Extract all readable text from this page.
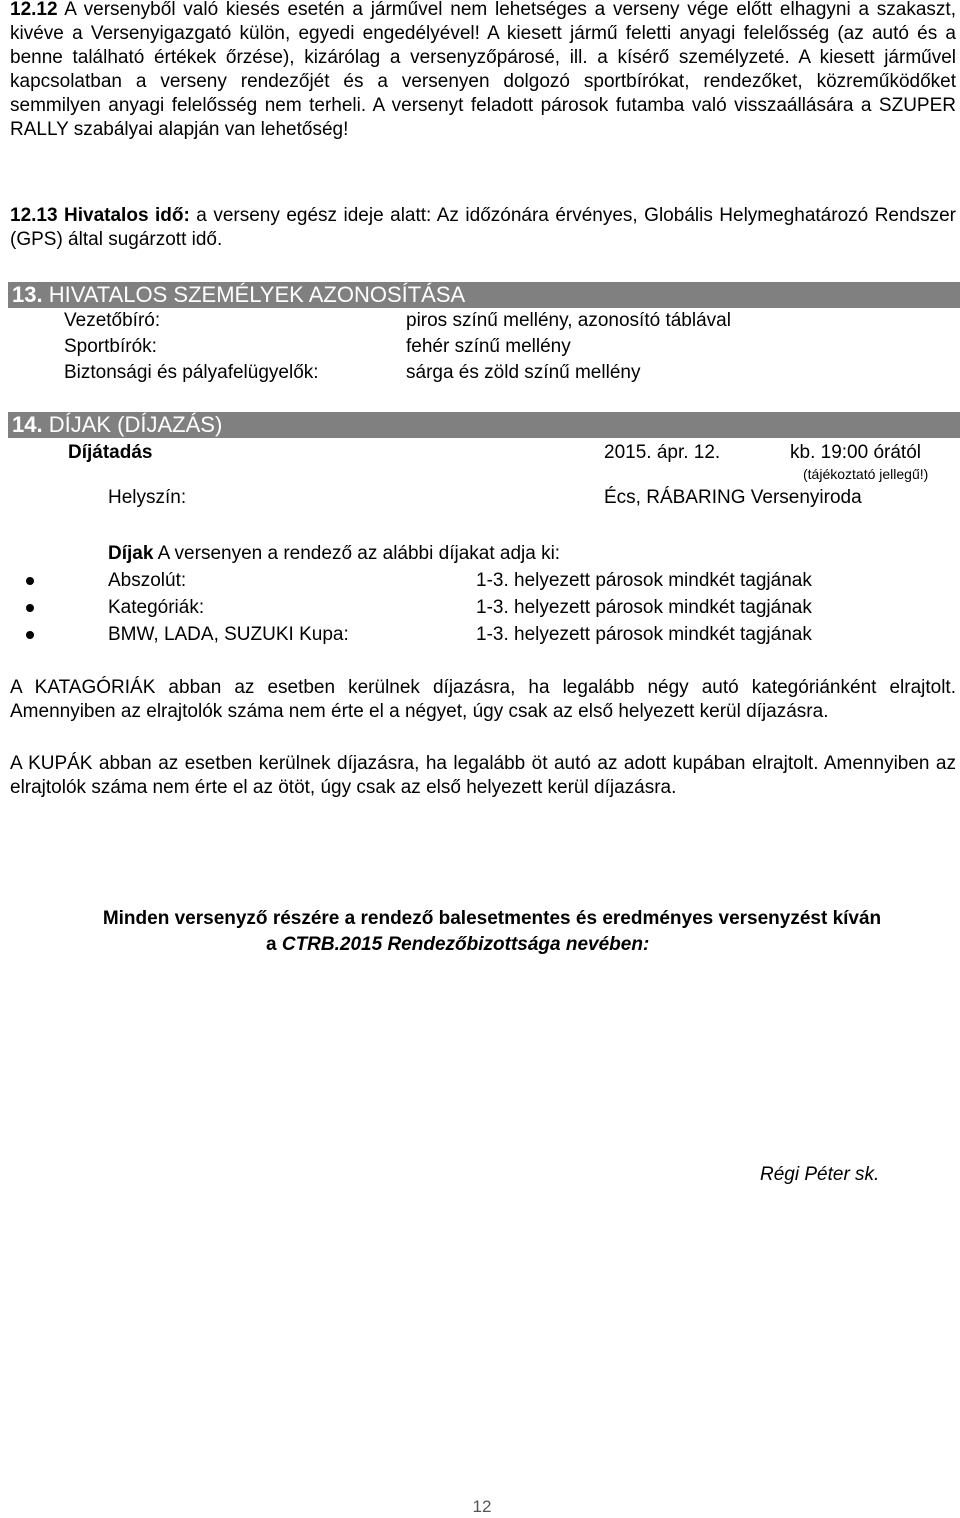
12.12 A versenyből való kiesés esetén a járművel nem lehetséges a verseny vége előtt elhagyni a szakaszt, kivéve a Versenyigazgató külön, egyedi engedélyével! A kiesett jármű feletti anyagi felelősség (az autó és a benne található értékek őrzése), kizárólag a versenyzőpárosé, ill. a kísérő személyzeté. A kiesett járművel kapcsolatban a verseny rendezőjét és a versenyen dolgozó sportbírókat, rendezőket, közreműködőket semmilyen anyagi felelősség nem terheli. A versenyt feladott párosok futamba való visszaállására a SZUPER RALLY szabályai alapján van lehetőség!
12.13 Hivatalos idő: a verseny egész ideje alatt: Az időzónára érvényes, Globális Helymeghatározó Rendszer (GPS) által sugárzott idő.
13. HIVATALOS SZEMÉLYEK AZONOSÍTÁSA
Vezetőbíró:	piros színű mellény, azonosító táblával
Sportbírók:	fehér színű mellény
Biztonsági és pályafelügyelők:	sárga és zöld színű mellény
14. DÍJAK (DÍJAZÁS)
Díjátadás	2015. ápr. 12.	kb. 19:00 órától
(tájékoztató jellegű!)
Helyszín:	Écs, RÁBARING Versenyiroda
Díjak A versenyen a rendező az alábbi díjakat adja ki:
Abszolút:	1-3. helyezett párosok mindkét tagjának
Kategóriák:	1-3. helyezett párosok mindkét tagjának
BMW, LADA, SUZUKI Kupa:	1-3. helyezett párosok mindkét tagjának
A KATAGÓRIÁK abban az esetben kerülnek díjazásra, ha legalább négy autó kategóriánként elrajtolt. Amennyiben az elrajtolók száma nem érte el a négyet, úgy csak az első helyezett kerül díjazásra.
A KUPÁK abban az esetben kerülnek díjazásra, ha legalább öt autó az adott kupában elrajtolt. Amennyiben az elrajtolók száma nem érte el az ötöt, úgy csak az első helyezett kerül díjazásra.
Minden versenyző részére a rendező balesetmentes és eredményes versenyzést kíván
a CTRB.2015 Rendezőbizottsága nevében:
Régi Péter sk.
12
